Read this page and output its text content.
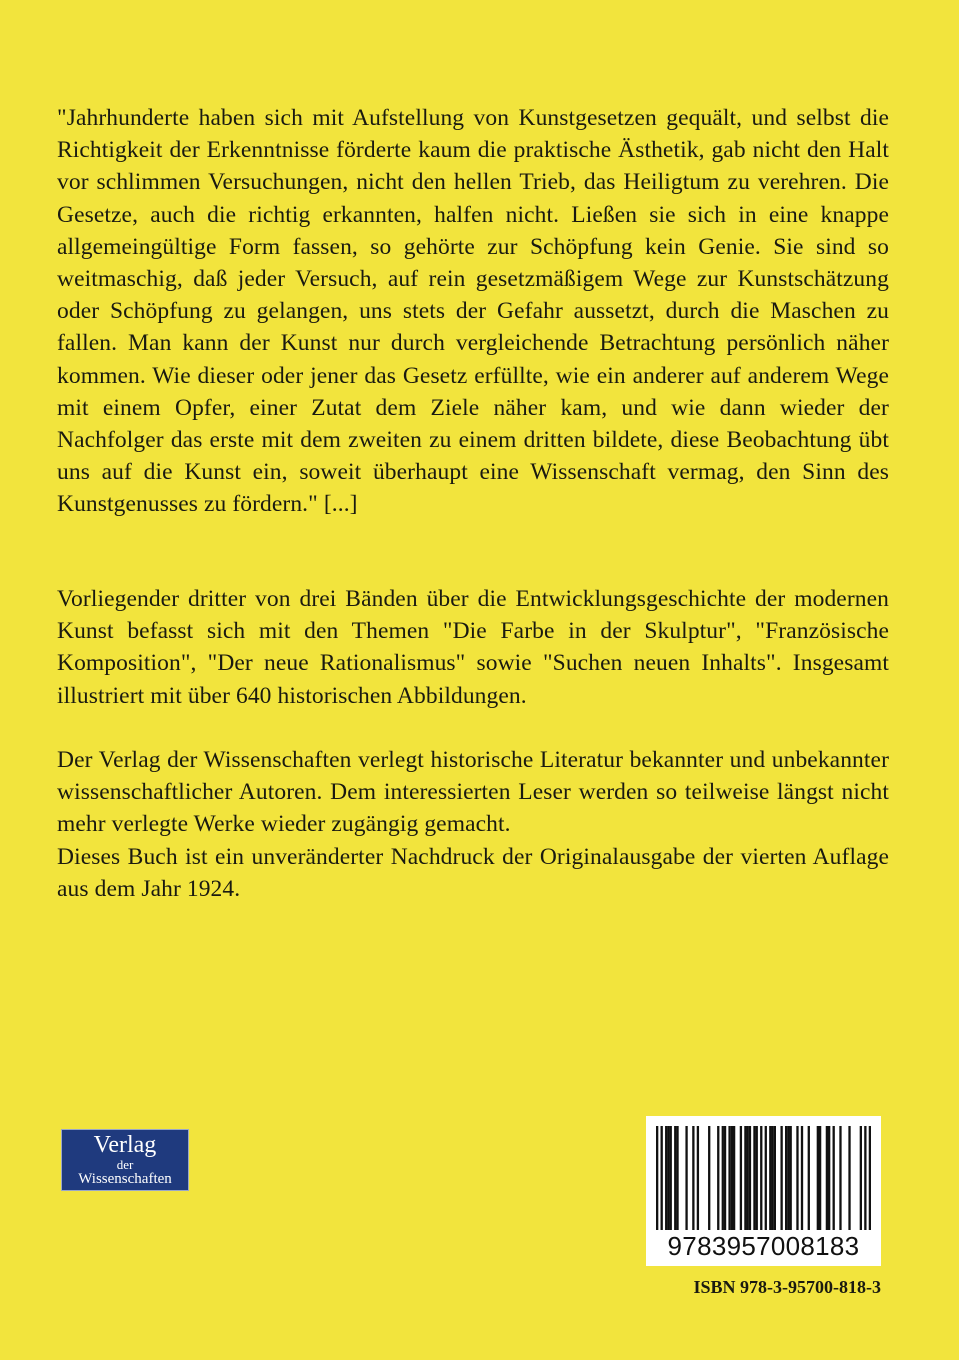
"Jahrhunderte haben sich mit Aufstellung von Kunstgesetzen gequält, und selbst die Richtigkeit der Erkenntnisse förderte kaum die praktische Ästhetik, gab nicht den Halt vor schlimmen Versuchungen, nicht den hellen Trieb, das Heiligtum zu verehren. Die Gesetze, auch die richtig erkannten, halfen nicht. Ließen sie sich in eine knappe allgemeingültige Form fassen, so gehörte zur Schöpfung kein Genie. Sie sind so weitmaschig, daß jeder Versuch, auf rein gesetzmäßigem Wege zur Kunstschätzung oder Schöpfung zu gelangen, uns stets der Gefahr aussetzt, durch die Maschen zu fallen. Man kann der Kunst nur durch vergleichende Betrachtung persönlich näher kommen. Wie dieser oder jener das Gesetz erfüllte, wie ein anderer auf anderem Wege mit einem Opfer, einer Zutat dem Ziele näher kam, und wie dann wieder der Nachfolger das erste mit dem zweiten zu einem dritten bildete, diese Beobachtung übt uns auf die Kunst ein, soweit überhaupt eine Wissenschaft vermag, den Sinn des Kunstgenusses zu fördern." [...]

Vorliegender dritter von drei Bänden über die Entwicklungsgeschichte der modernen Kunst befasst sich mit den Themen "Die Farbe in der Skulptur", "Französische Komposition", "Der neue Rationalismus" sowie "Suchen neuen Inhalts". Insgesamt illustriert mit über 640 historischen Abbildungen.

Der Verlag der Wissenschaften verlegt historische Literatur bekannter und unbekannter wissenschaftlicher Autoren. Dem interessierten Leser werden so teilweise längst nicht mehr verlegte Werke wieder zugängig gemacht.

Dieses Buch ist ein unveränderter Nachdruck der Originalausgabe der vierten Auflage aus dem Jahr 1924.

Verlag
der
Wissenschaften
9783957008183
ISBN 978-3-95700-818-3
